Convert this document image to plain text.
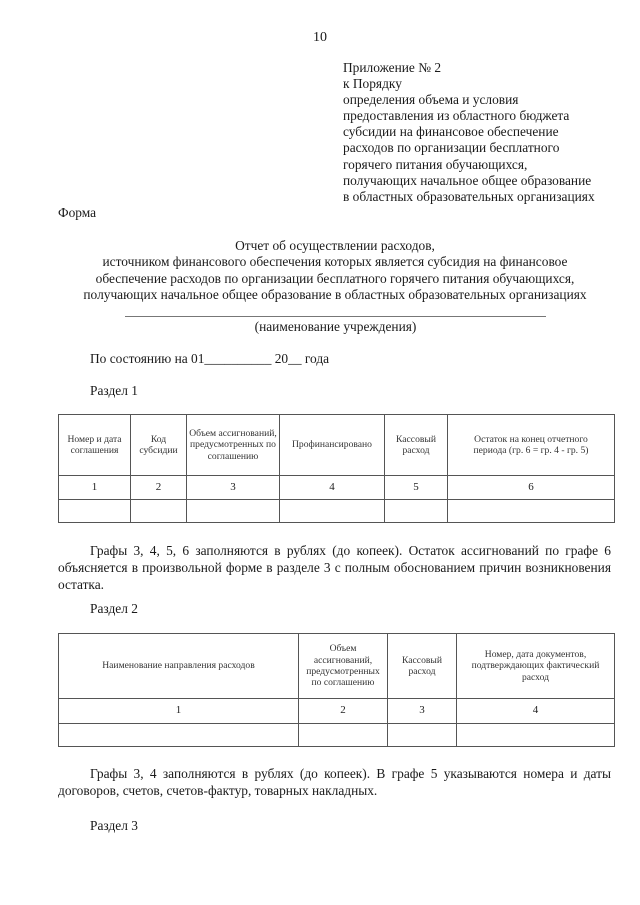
10
Приложение № 2
к Порядку
определения объема и условия
предоставления из областного бюджета
субсидии на финансовое обеспечение
расходов по организации бесплатного
горячего питания обучающихся,
получающих начальное общее образование
в областных образовательных организациях
Форма
Отчет об осуществлении расходов,
источником финансового обеспечения которых является субсидия на финансовое
обеспечение расходов по организации бесплатного горячего питания обучающихся,
получающих начальное общее образование в областных образовательных организациях
(наименование учреждения)
По состоянию на 01__________ 20__ года
Раздел 1
Номер и дата соглашения	Код субсидии	Объем ассигнований, предусмотренных по соглашению	Профинансировано	Кассовый расход	Остаток на конец отчетного периода (гр. 6 = гр. 4 - гр. 5)
1	2	3	4	5	6

Графы 3, 4, 5, 6 заполняются в рублях (до копеек). Остаток ассигнований по графе 6 объясняется в произвольной форме в разделе 3 с полным обоснованием причин возникновения остатка.
Раздел 2
Наименование направления расходов	Объем ассигнований, предусмотренных по соглашению	Кассовый расход	Номер, дата документов, подтверждающих фактический расход
1	2	3	4

Графы 3, 4 заполняются в рублях (до копеек). В графе 5 указываются номера и даты договоров, счетов, счетов-фактур, товарных накладных.
Раздел 3
